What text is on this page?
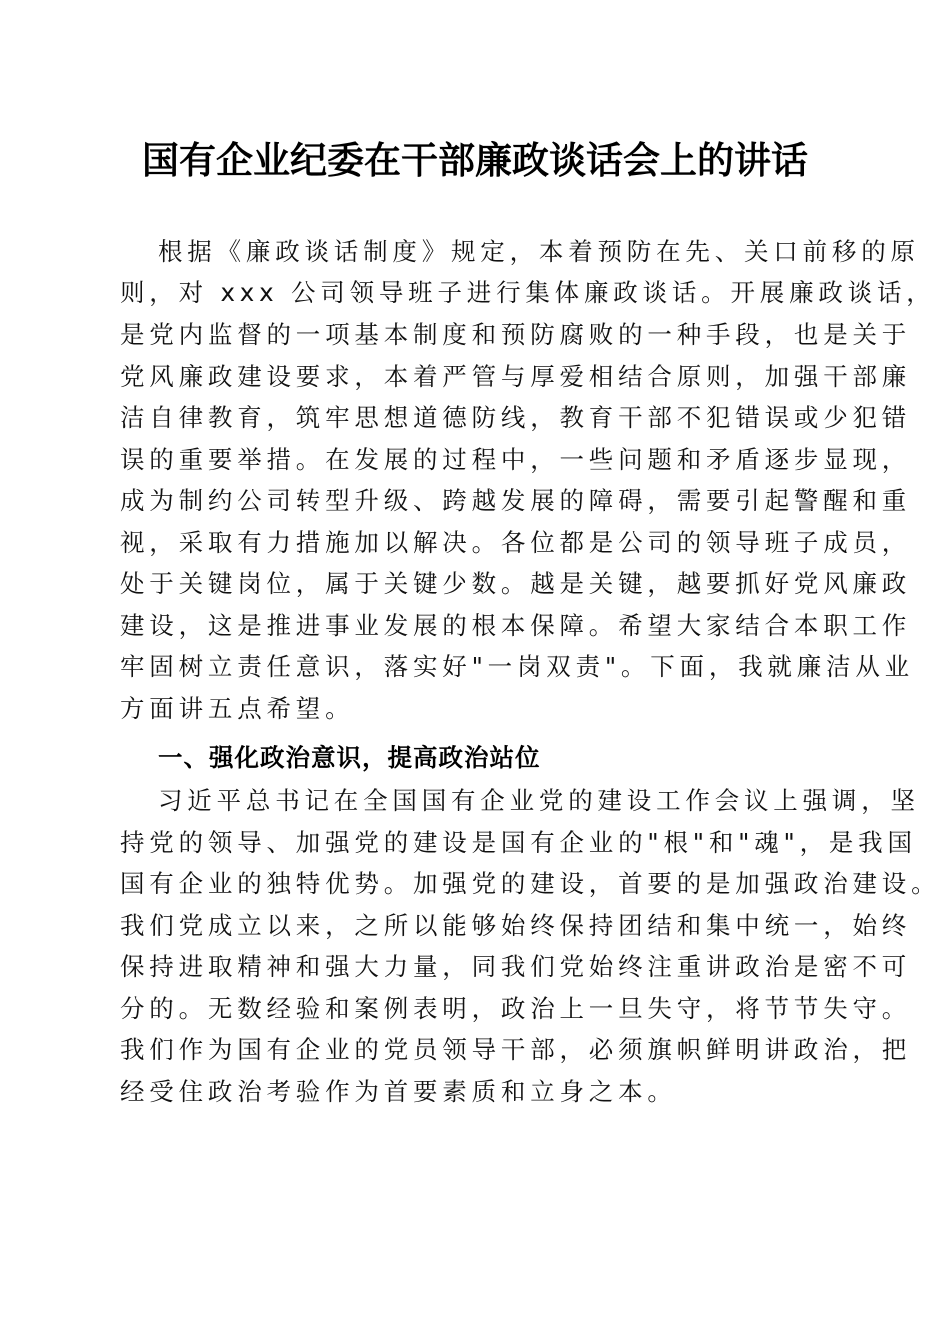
国有企业纪委在干部廉政谈话会上的讲话
根据《廉政谈话制度》规定，本着预防在先、关口前移的原
则，对 xxx 公司领导班子进行集体廉政谈话。开展廉政谈话，
是党内监督的一项基本制度和预防腐败的一种手段，也是关于
党风廉政建设要求，本着严管与厚爱相结合原则，加强干部廉
洁自律教育，筑牢思想道德防线，教育干部不犯错误或少犯错
误的重要举措。在发展的过程中，一些问题和矛盾逐步显现，
成为制约公司转型升级、跨越发展的障碍，需要引起警醒和重
视，采取有力措施加以解决。各位都是公司的领导班子成员，
处于关键岗位，属于关键少数。越是关键，越要抓好党风廉政
建设，这是推进事业发展的根本保障。希望大家结合本职工作
牢固树立责任意识，落实好"一岗双责"。下面，我就廉洁从业
方面讲五点希望。
一、强化政治意识，提高政治站位
习近平总书记在全国国有企业党的建设工作会议上强调，坚
持党的领导、加强党的建设是国有企业的"根"和"魂"，是我国
国有企业的独特优势。加强党的建设，首要的是加强政治建设。
我们党成立以来，之所以能够始终保持团结和集中统一，始终
保持进取精神和强大力量，同我们党始终注重讲政治是密不可
分的。无数经验和案例表明，政治上一旦失守，将节节失守。
我们作为国有企业的党员领导干部，必须旗帜鲜明讲政治，把
经受住政治考验作为首要素质和立身之本。
